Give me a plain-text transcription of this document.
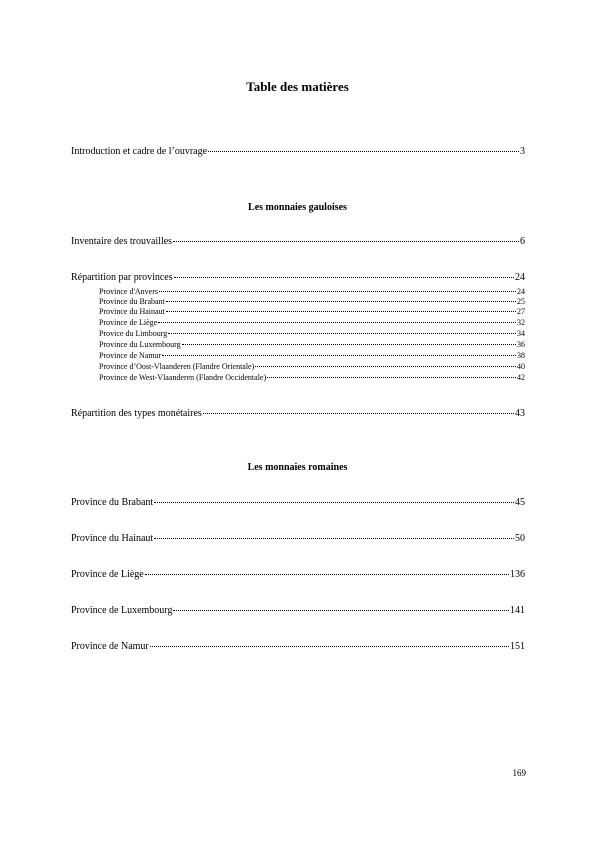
Table des matières
Introduction et cadre de l’ouvrage	3
Les monnaies gauloises
Inventaire des trouvailles	6
Répartition par provinces	24
Province d'Anvers	24
Province du Brabant	25
Province du Hainaut	27
Province de Liège	32
Provice du Limbourg	34
Province du Luxembourg	36
Province de Namur	38
Province d’Oost-Vlaanderen (Flandre Orientale)	40
Province de West-Vlaanderen (Flandre Occidentale)	42
Répartition des types monétaires	43
Les monnaies romaines
Province du Brabant	45
Province du Hainaut	50
Province de Liège	136
Province de Luxembourg	141
Province de Namur	151
169
